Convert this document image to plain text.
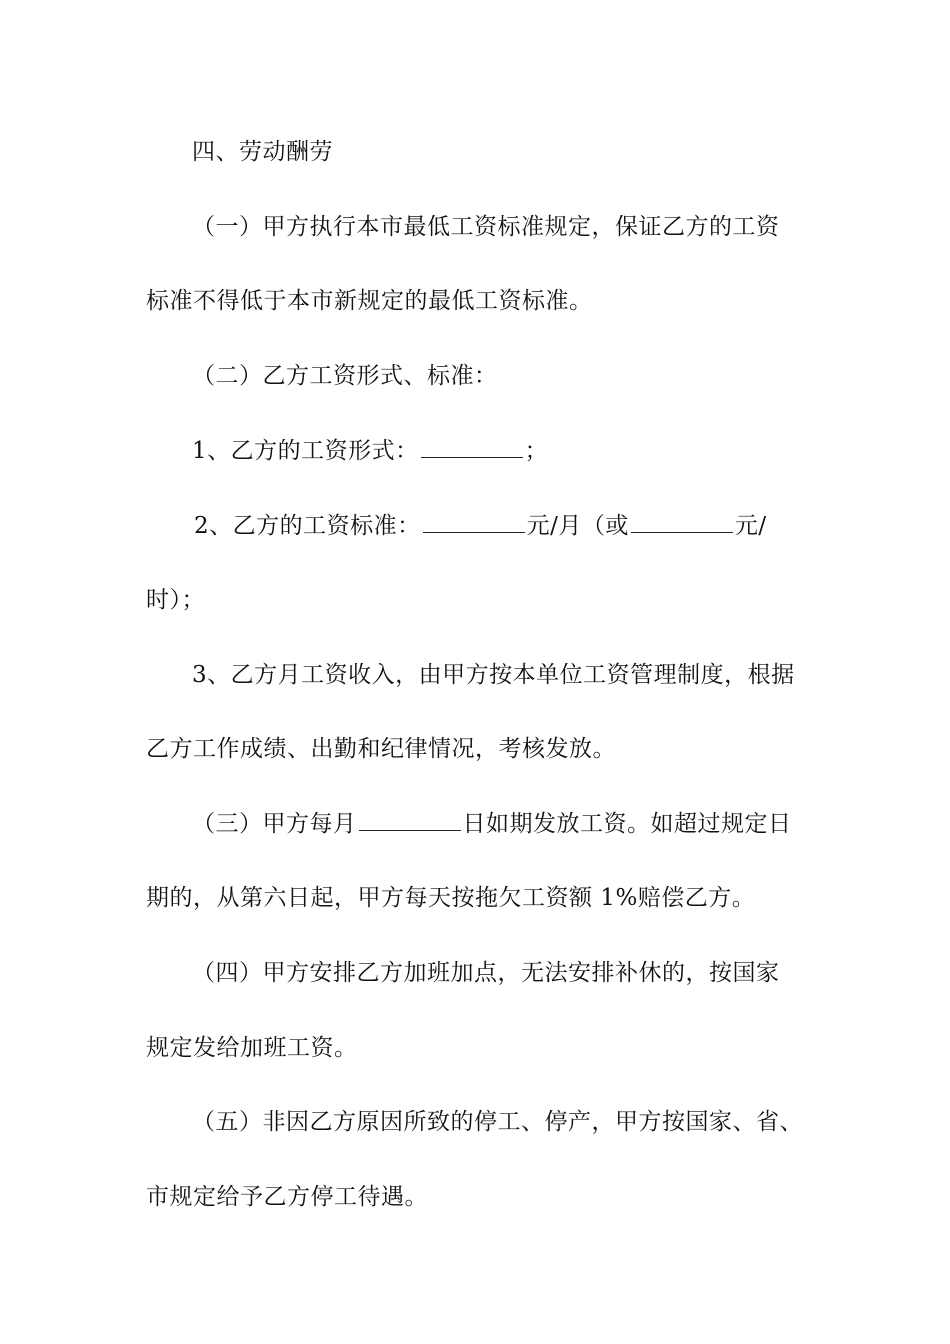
四、劳动酬劳
（一）甲方执行本市最低工资标准规定，保证乙方的工资
标准不得低于本市新规定的最低工资标准。
（二）乙方工资形式、标准：
1、乙方的工资形式：	；
2、乙方的工资标准：	元/月（或	元/
时）；
3、乙方月工资收入，由甲方按本单位工资管理制度，根据
乙方工作成绩、出勤和纪律情况，考核发放。
（三）甲方每月	日如期发放工资。如超过规定日
期的，从第六日起，甲方每天按拖欠工资额 1%赔偿乙方。
（四）甲方安排乙方加班加点，无法安排补休的，按国家
规定发给加班工资。
（五）非因乙方原因所致的停工、停产，甲方按国家、省、
市规定给予乙方停工待遇。
